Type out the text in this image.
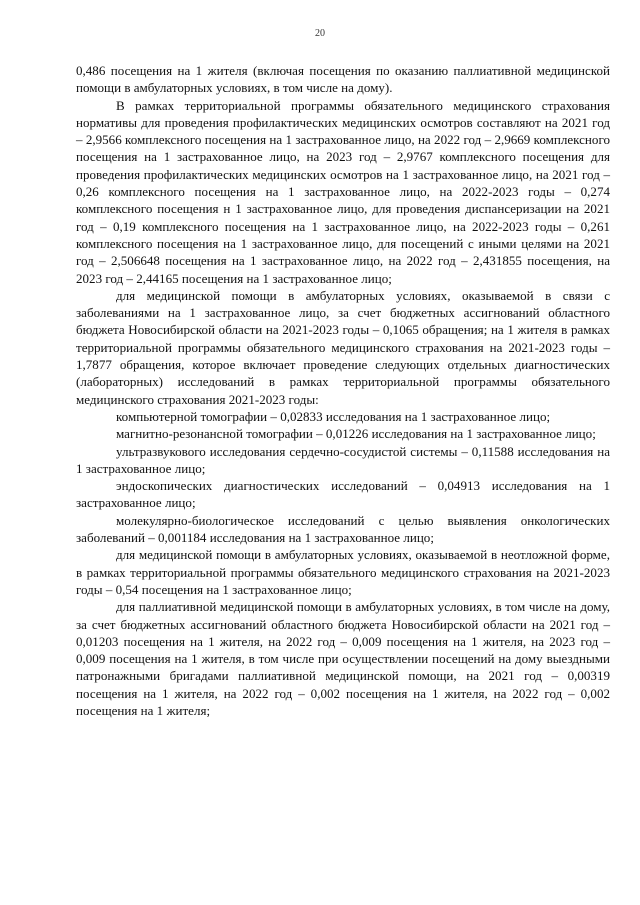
20

0,486 посещения на 1 жителя (включая посещения по оказанию паллиативной медицинской помощи в амбулаторных условиях, в том числе на дому).

В рамках территориальной программы обязательного медицинского страхования нормативы для проведения профилактических медицинских осмотров составляют на 2021 год – 2,9566 комплексного посещения на 1 застрахованное лицо, на 2022 год – 2,9669 комплексного посещения на 1 застрахованное лицо, на 2023 год – 2,9767 комплексного посещения для проведения профилактических медицинских осмотров на 1 застрахованное лицо, на 2021 год – 0,26 комплексного посещения на 1 застрахованное лицо, на 2022-2023 годы – 0,274 комплексного посещения н 1 застрахованное лицо, для проведения диспансеризации на 2021 год – 0,19 комплексного посещения на 1 застрахованное лицо, на 2022-2023 годы – 0,261 комплексного посещения на 1 застрахованное лицо, для посещений с иными целями на 2021 год – 2,506648 посещения на 1 застрахованное лицо, на 2022 год – 2,431855 посещения, на 2023 год – 2,44165 посещения на 1 застрахованное лицо;

для медицинской помощи в амбулаторных условиях, оказываемой в связи с заболеваниями на 1 застрахованное лицо, за счет бюджетных ассигнований областного бюджета Новосибирской области на 2021-2023 годы – 0,1065 обращения; на 1 жителя в рамках территориальной программы обязательного медицинского страхования на 2021-2023 годы – 1,7877 обращения, которое включает проведение следующих отдельных диагностических (лабораторных) исследований в рамках территориальной программы обязательного медицинского страхования 2021-2023 годы:

компьютерной томографии – 0,02833 исследования на 1 застрахованное лицо;

магнитно-резонансной томографии – 0,01226 исследования на 1 застрахованное лицо;

ультразвукового исследования сердечно-сосудистой системы – 0,11588 исследования на 1 застрахованное лицо;

эндоскопических диагностических исследований – 0,04913 исследования на 1 застрахованное лицо;

молекулярно-биологическое исследований с целью выявления онкологических заболеваний – 0,001184 исследования на 1 застрахованное лицо;

для медицинской помощи в амбулаторных условиях, оказываемой в неотложной форме, в рамках территориальной программы обязательного медицинского страхования на 2021-2023 годы – 0,54 посещения на 1 застрахованное лицо;

для паллиативной медицинской помощи в амбулаторных условиях, в том числе на дому, за счет бюджетных ассигнований областного бюджета Новосибирской области на 2021 год – 0,01203 посещения на 1 жителя, на 2022 год – 0,009 посещения на 1 жителя, на 2023 год – 0,009 посещения на 1 жителя, в том числе при осуществлении посещений на дому выездными патронажными бригадами паллиативной медицинской помощи, на 2021 год – 0,00319 посещения на 1 жителя, на 2022 год – 0,002 посещения на 1 жителя, на 2022 год – 0,002 посещения на 1 жителя;
